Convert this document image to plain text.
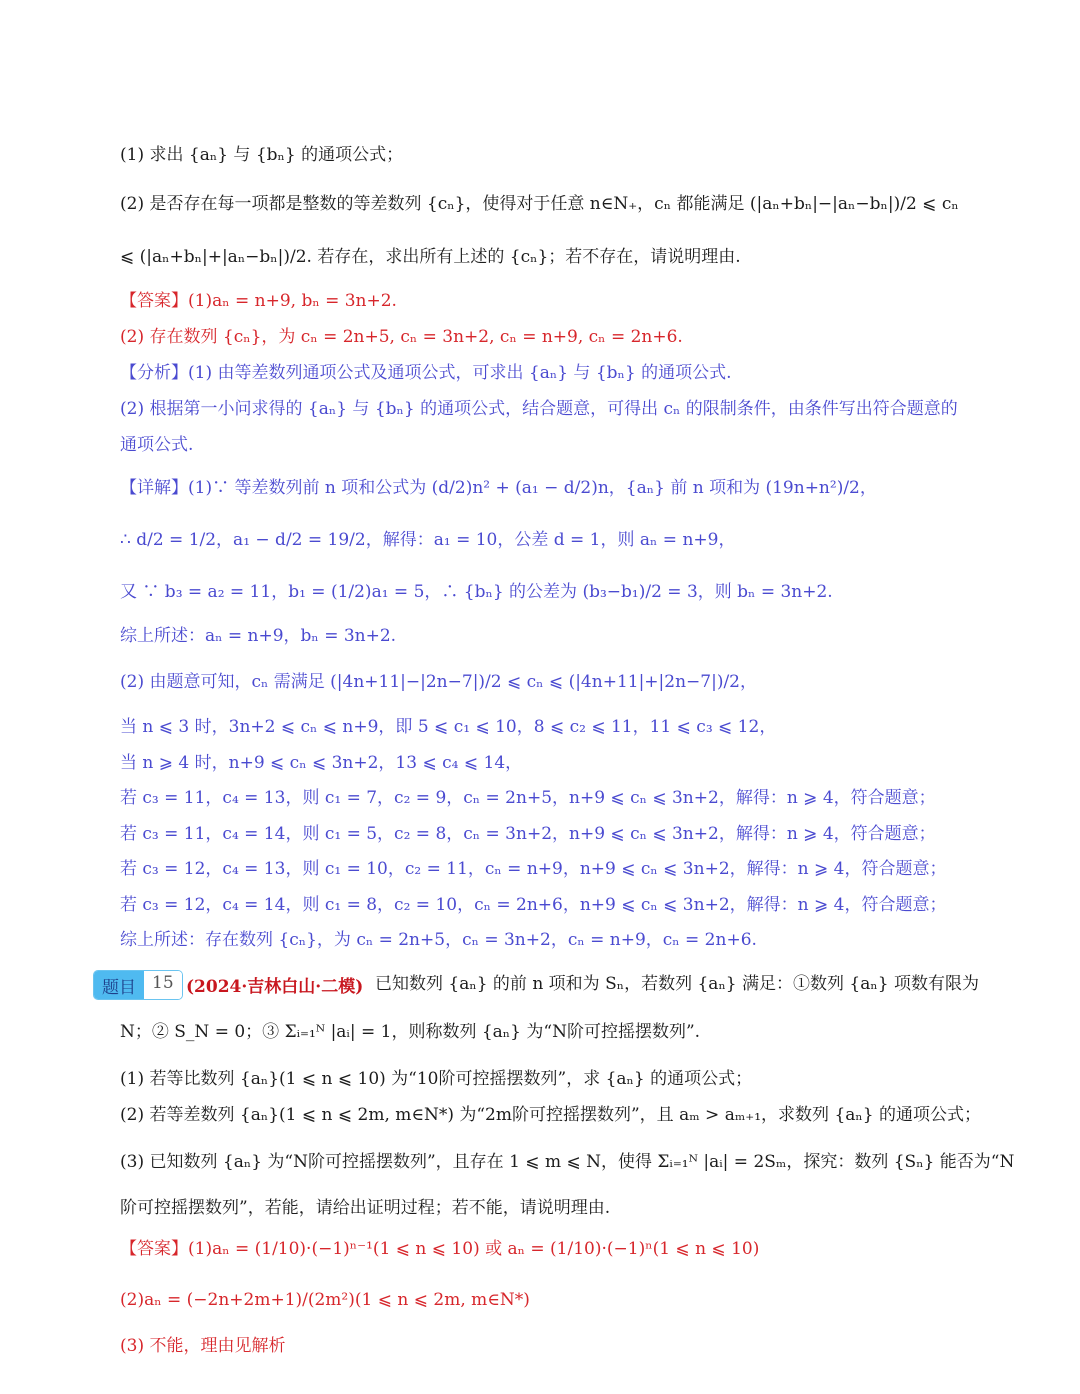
(1) 求出 {aₙ} 与 {bₙ} 的通项公式；
(2) 是否存在每一项都是整数的等差数列 {cₙ}，使得对于任意 n∈N₊，cₙ 都能满足 (|aₙ+bₙ|−|aₙ−bₙ|)/2 ⩽ cₙ
⩽ (|aₙ+bₙ|+|aₙ−bₙ|)/2. 若存在，求出所有上述的 {cₙ}；若不存在，请说明理由.
【答案】(1)aₙ = n+9, bₙ = 3n+2.
(2) 存在数列 {cₙ}，为 cₙ = 2n+5, cₙ = 3n+2, cₙ = n+9, cₙ = 2n+6.
【分析】(1) 由等差数列通项公式及通项公式，可求出 {aₙ} 与 {bₙ} 的通项公式.
(2) 根据第一小问求得的 {aₙ} 与 {bₙ} 的通项公式，结合题意，可得出 cₙ 的限制条件，由条件写出符合题意的
通项公式.
【详解】(1)∵ 等差数列前 n 项和公式为 (d/2)n² + (a₁ − d/2)n，{aₙ} 前 n 项和为 (19n+n²)/2，
∴ d/2 = 1/2，a₁ − d/2 = 19/2，解得：a₁ = 10，公差 d = 1，则 aₙ = n+9，
又 ∵ b₃ = a₂ = 11，b₁ = (1/2)a₁ = 5，∴ {bₙ} 的公差为 (b₃−b₁)/2 = 3，则 bₙ = 3n+2.
综上所述：aₙ = n+9，bₙ = 3n+2.
(2) 由题意可知，cₙ 需满足 (|4n+11|−|2n−7|)/2 ⩽ cₙ ⩽ (|4n+11|+|2n−7|)/2，
当 n ⩽ 3 时，3n+2 ⩽ cₙ ⩽ n+9，即 5 ⩽ c₁ ⩽ 10，8 ⩽ c₂ ⩽ 11，11 ⩽ c₃ ⩽ 12，
当 n ⩾ 4 时，n+9 ⩽ cₙ ⩽ 3n+2，13 ⩽ c₄ ⩽ 14，
若 c₃ = 11，c₄ = 13，则 c₁ = 7，c₂ = 9，cₙ = 2n+5，n+9 ⩽ cₙ ⩽ 3n+2，解得：n ⩾ 4，符合题意；
若 c₃ = 11，c₄ = 14，则 c₁ = 5，c₂ = 8，cₙ = 3n+2，n+9 ⩽ cₙ ⩽ 3n+2，解得：n ⩾ 4，符合题意；
若 c₃ = 12，c₄ = 13，则 c₁ = 10，c₂ = 11，cₙ = n+9，n+9 ⩽ cₙ ⩽ 3n+2，解得：n ⩾ 4，符合题意；
若 c₃ = 12，c₄ = 14，则 c₁ = 8，c₂ = 10，cₙ = 2n+6，n+9 ⩽ cₙ ⩽ 3n+2，解得：n ⩾ 4，符合题意；
综上所述：存在数列 {cₙ}，为 cₙ = 2n+5，cₙ = 3n+2，cₙ = n+9，cₙ = 2n+6.
题目 15 (2024·吉林白山·二模) 已知数列 {aₙ} 的前 n 项和为 Sₙ，若数列 {aₙ} 满足：①数列 {aₙ} 项数有限为
N；② S_N = 0；③ Σᵢ₌₁ᴺ |aᵢ| = 1，则称数列 {aₙ} 为“N阶可控摇摆数列”.
(1) 若等比数列 {aₙ}(1 ⩽ n ⩽ 10) 为“10阶可控摇摆数列”，求 {aₙ} 的通项公式；
(2) 若等差数列 {aₙ}(1 ⩽ n ⩽ 2m, m∈N*) 为“2m阶可控摇摆数列”，且 aₘ > aₘ₊₁，求数列 {aₙ} 的通项公式；
(3) 已知数列 {aₙ} 为“N阶可控摇摆数列”，且存在 1 ⩽ m ⩽ N，使得 Σᵢ₌₁ᴺ |aᵢ| = 2Sₘ，探究：数列 {Sₙ} 能否为“N
阶可控摇摆数列”，若能，请给出证明过程；若不能，请说明理由.
【答案】(1)aₙ = (1/10)·(−1)ⁿ⁻¹(1 ⩽ n ⩽ 10) 或 aₙ = (1/10)·(−1)ⁿ(1 ⩽ n ⩽ 10)
(2)aₙ = (−2n+2m+1)/(2m²)(1 ⩽ n ⩽ 2m, m∈N*)
(3) 不能，理由见解析
